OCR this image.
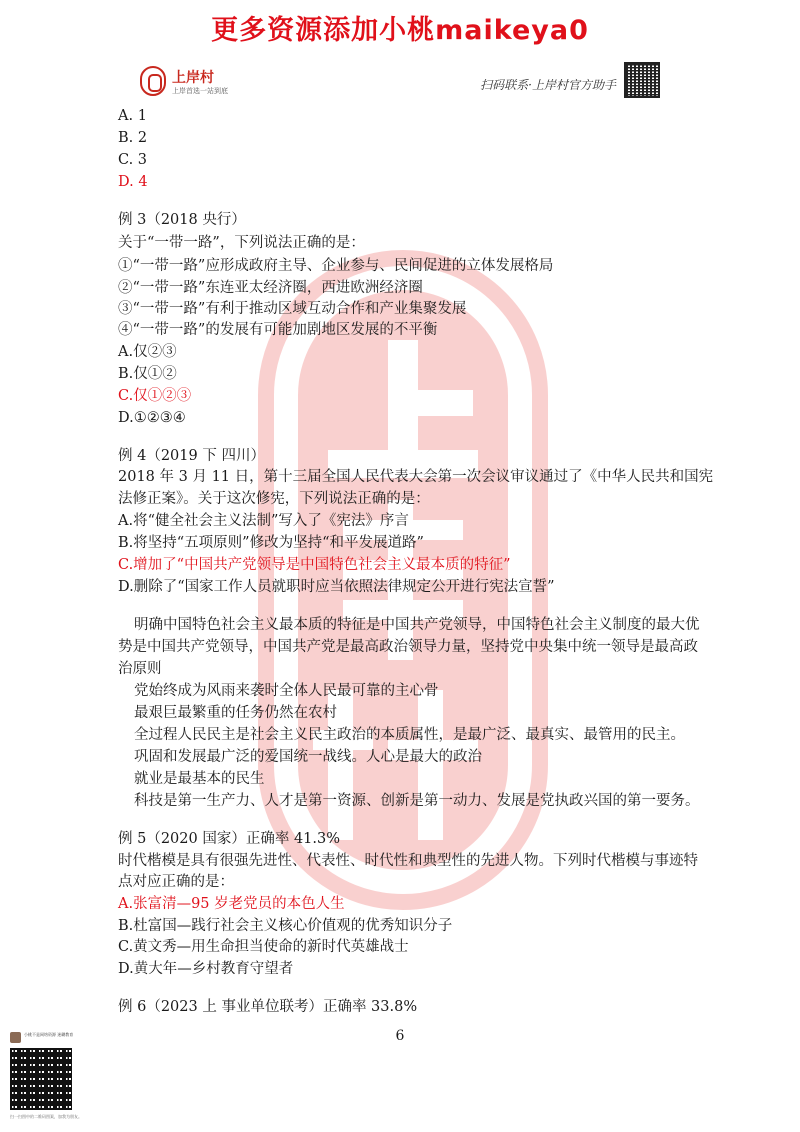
更多资源添加小桃maikeya0
上岸村
上岸首选一站到底	扫码联系·上岸村官方助手
A. 1
B. 2
C. 3
D. 4
例 3（2018 央行）
关于“一带一路”，下列说法正确的是：
①“一带一路”应形成政府主导、企业参与、民间促进的立体发展格局
②“一带一路”东连亚太经济圈，西进欧洲经济圈
③“一带一路”有利于推动区域互动合作和产业集聚发展
④“一带一路”的发展有可能加剧地区发展的不平衡
A.仅②③
B.仅①②
C.仅①②③
D.①②③④
例 4（2019 下 四川）
2018 年 3 月 11 日，第十三届全国人民代表大会第一次会议审议通过了《中华人民共和国宪
法修正案》。关于这次修宪，下列说法正确的是：
A.将“健全社会主义法制”写入了《宪法》序言
B.将坚持“五项原则”修改为坚持“和平发展道路”
C.增加了“中国共产党领导是中国特色社会主义最本质的特征”
D.删除了“国家工作人员就职时应当依照法律规定公开进行宪法宣誓”
明确中国特色社会主义最本质的特征是中国共产党领导，中国特色社会主义制度的最大优
势是中国共产党领导，中国共产党是最高政治领导力量，坚持党中央集中统一领导是最高政
治原则
党始终成为风雨来袭时全体人民最可靠的主心骨
最艰巨最繁重的任务仍然在农村
全过程人民民主是社会主义民主政治的本质属性，是最广泛、最真实、最管用的民主。
巩固和发展最广泛的爱国统一战线。人心是最大的政治
就业是最基本的民生
科技是第一生产力、人才是第一资源、创新是第一动力、发展是党执政兴国的第一要务。
例 5（2020 国家）正确率 41.3%
时代楷模是具有很强先进性、代表性、时代性和典型性的先进人物。下列时代楷模与事迹特
点对应正确的是：
A.张富清—95 岁老党员的本色人生
B.杜富国—践行社会主义核心价值观的优秀知识分子
C.黄文秀—用生命担当使命的新时代英雄战士
D.黄大年—乡村教育守望者
例 6（2023 上 事业单位联考）正确率 33.8%
6
小桃不是网络资源 迷糊教育
扫一扫图中的二维码图案，加我为朋友。
